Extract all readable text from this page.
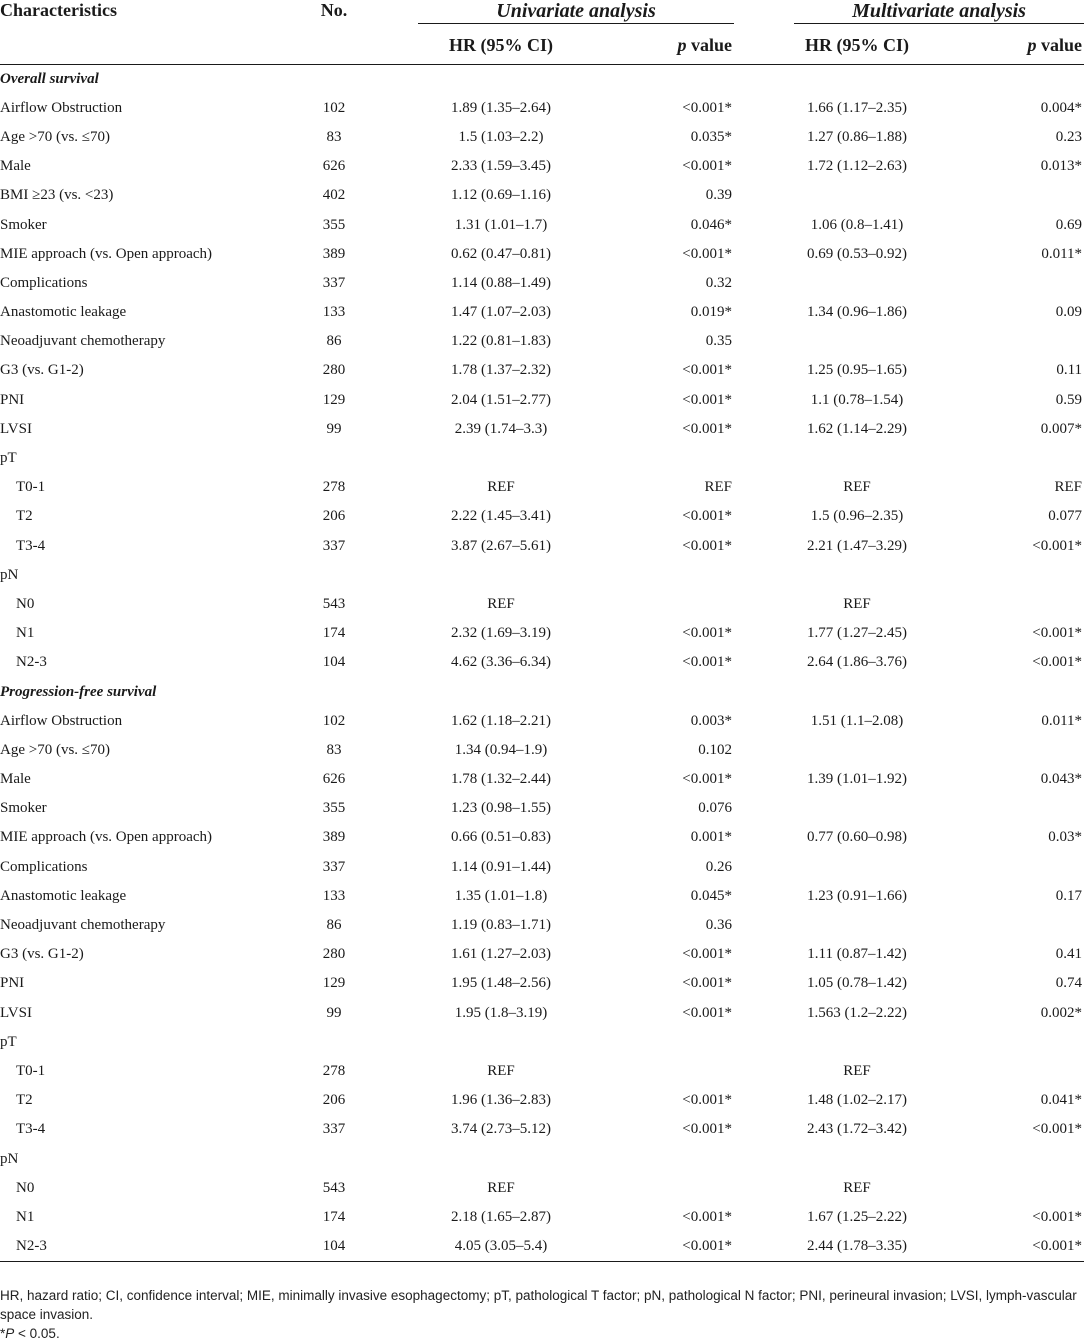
Characteristics	No.	Univariate analysis		Multivariate analysis	

		HR (95% CI)	p value	HR (95% CI)	p value

Overall survival					
Airflow Obstruction	102	1.89 (1.35–2.64)	<0.001*	1.66 (1.17–2.35)	0.004*
Age >70 (vs. ≤70)	83	1.5 (1.03–2.2)	0.035*	1.27 (0.86–1.88)	0.23
Male	626	2.33 (1.59–3.45)	<0.001*	1.72 (1.12–2.63)	0.013*
BMI ≥23 (vs. <23)	402	1.12 (0.69–1.16)	0.39		
Smoker	355	1.31 (1.01–1.7)	0.046*	1.06 (0.8–1.41)	0.69
MIE approach (vs. Open approach)	389	0.62 (0.47–0.81)	<0.001*	0.69 (0.53–0.92)	0.011*
Complications	337	1.14 (0.88–1.49)	0.32		
Anastomotic leakage	133	1.47 (1.07–2.03)	0.019*	1.34 (0.96–1.86)	0.09
Neoadjuvant chemotherapy	86	1.22 (0.81–1.83)	0.35		
G3 (vs. G1-2)	280	1.78 (1.37–2.32)	<0.001*	1.25 (0.95–1.65)	0.11
PNI	129	2.04 (1.51–2.77)	<0.001*	1.1 (0.78–1.54)	0.59
LVSI	99	2.39 (1.74–3.3)	<0.001*	1.62 (1.14–2.29)	0.007*
pT					
T0-1	278	REF	REF	REF	REF
T2	206	2.22 (1.45–3.41)	<0.001*	1.5 (0.96–2.35)	0.077
T3-4	337	3.87 (2.67–5.61)	<0.001*	2.21 (1.47–3.29)	<0.001*
pN					
N0	543	REF		REF	
N1	174	2.32 (1.69–3.19)	<0.001*	1.77 (1.27–2.45)	<0.001*
N2-3	104	4.62 (3.36–6.34)	<0.001*	2.64 (1.86–3.76)	<0.001*
Progression-free survival					
Airflow Obstruction	102	1.62 (1.18–2.21)	0.003*	1.51 (1.1–2.08)	0.011*
Age >70 (vs. ≤70)	83	1.34 (0.94–1.9)	0.102		
Male	626	1.78 (1.32–2.44)	<0.001*	1.39 (1.01–1.92)	0.043*
Smoker	355	1.23 (0.98–1.55)	0.076		
MIE approach (vs. Open approach)	389	0.66 (0.51–0.83)	0.001*	0.77 (0.60–0.98)	0.03*
Complications	337	1.14 (0.91–1.44)	0.26		
Anastomotic leakage	133	1.35 (1.01–1.8)	0.045*	1.23 (0.91–1.66)	0.17
Neoadjuvant chemotherapy	86	1.19 (0.83–1.71)	0.36		
G3 (vs. G1-2)	280	1.61 (1.27–2.03)	<0.001*	1.11 (0.87–1.42)	0.41
PNI	129	1.95 (1.48–2.56)	<0.001*	1.05 (0.78–1.42)	0.74
LVSI	99	1.95 (1.8–3.19)	<0.001*	1.563 (1.2–2.22)	0.002*
pT					
T0-1	278	REF		REF	
T2	206	1.96 (1.36–2.83)	<0.001*	1.48 (1.02–2.17)	0.041*
T3-4	337	3.74 (2.73–5.12)	<0.001*	2.43 (1.72–3.42)	<0.001*
pN					
N0	543	REF		REF	
N1	174	2.18 (1.65–2.87)	<0.001*	1.67 (1.25–2.22)	<0.001*
N2-3	104	4.05 (3.05–5.4)	<0.001*	2.44 (1.78–3.35)	<0.001*

HR, hazard ratio; CI, confidence interval; MIE, minimally invasive esophagectomy; pT, pathological T factor; pN, pathological N factor; PNI, perineural invasion; LVSI, lymph-vascular space invasion.

*P < 0.05.
